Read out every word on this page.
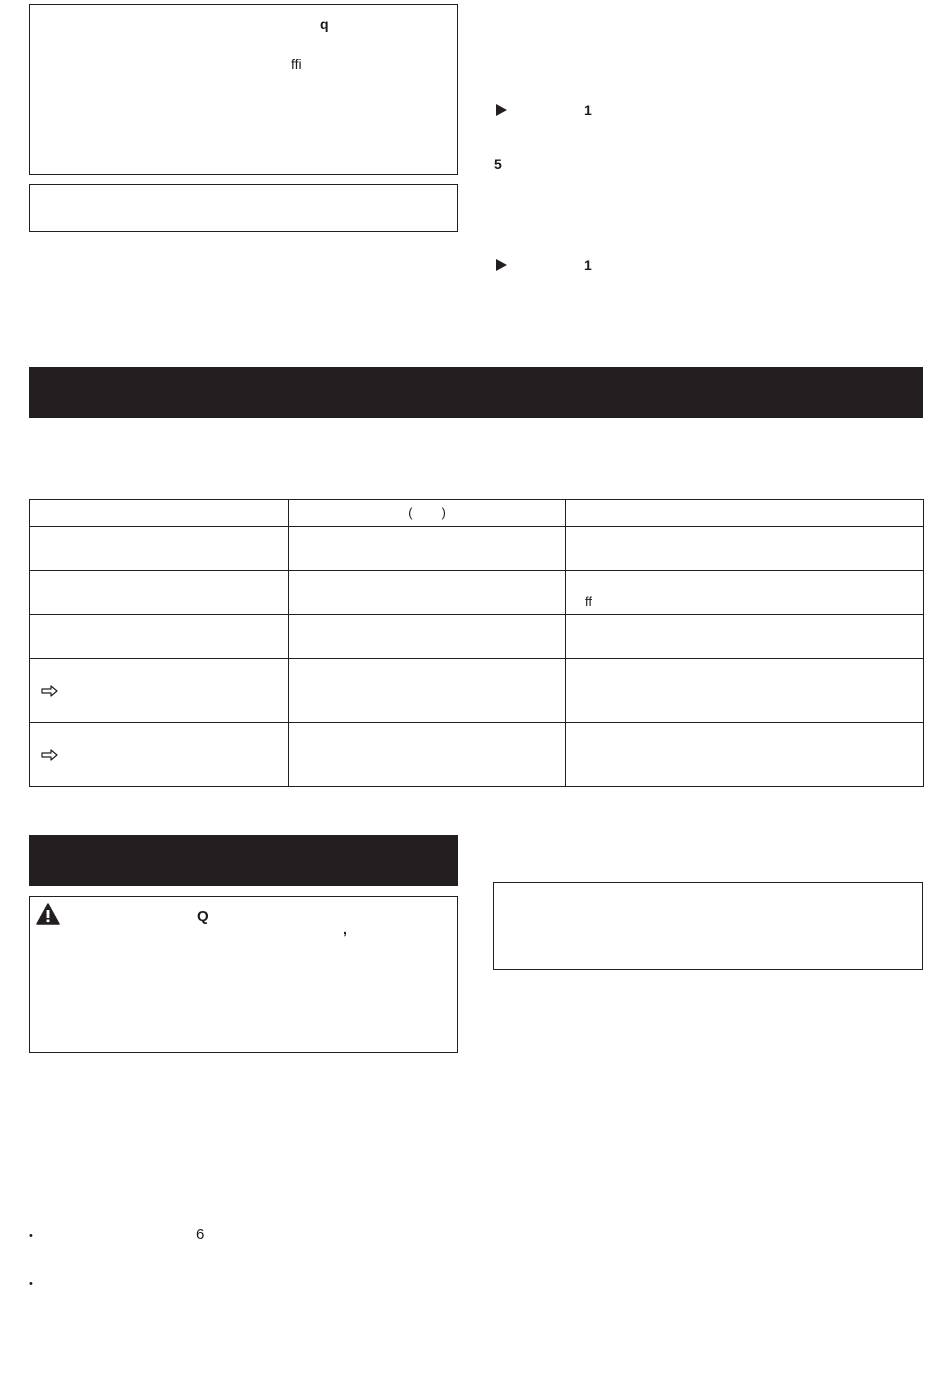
q
ffi
1
5
1

	(        )	

		ff

Q
,
•	6
•
